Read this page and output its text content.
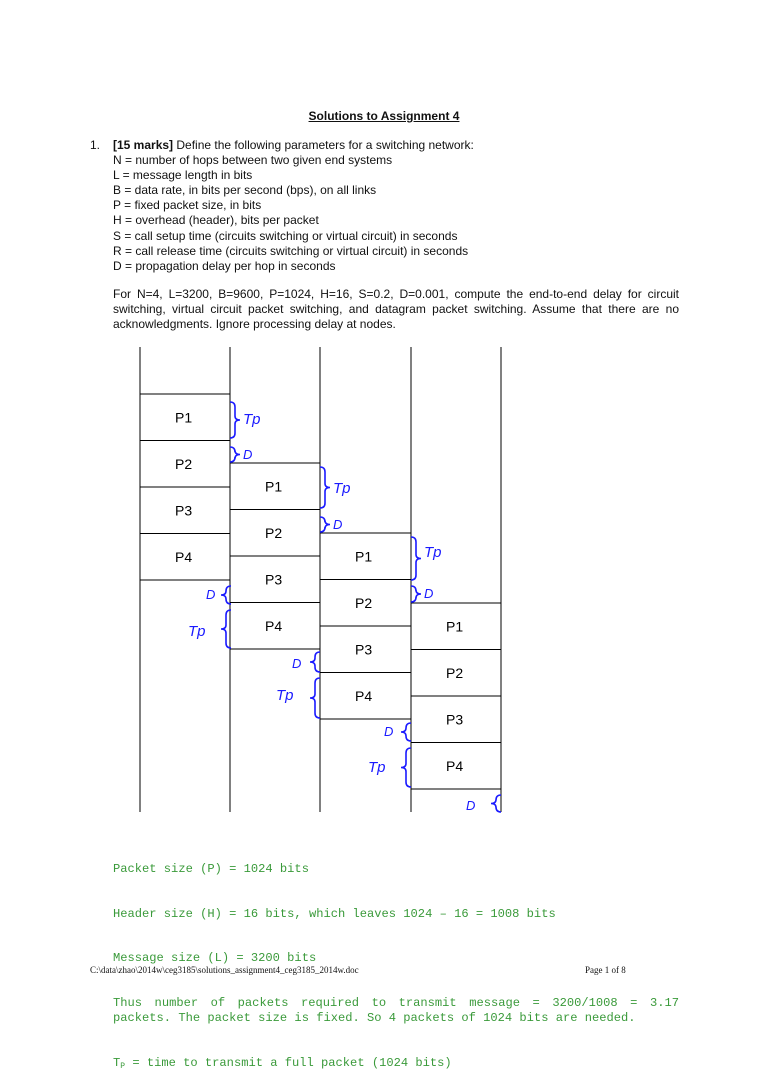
Solutions to Assignment 4
1. [15 marks] Define the following parameters for a switching network:
N = number of hops between two given end systems
L = message length in bits
B = data rate, in bits per second (bps), on all links
P = fixed packet size, in bits
H = overhead (header), bits per packet
S = call setup time (circuits switching or virtual circuit) in seconds
R = call release time (circuits switching or virtual circuit) in seconds
D = propagation delay per hop in seconds
For N=4, L=3200, B=9600, P=1024, H=16, S=0.2, D=0.001, compute the end-to-end delay for circuit switching, virtual circuit packet switching, and datagram packet switching. Assume that there are no acknowledgments. Ignore processing delay at nodes.
P1
P2
P3
P4
P1
P2
P3
P4
P1
P2
P3
P4
P1
P2
P3
P4
Tp
D
Tp
D
Tp
D
D
Tp
D
Tp
D
Tp
D

Packet size (P) = 1024 bits

Header size (H) = 16 bits, which leaves 1024 – 16 = 1008 bits

Message size (L) = 3200 bits

Thus number of packets required to transmit message = 3200/1008 = 3.17 packets. The packet size is fixed. So 4 packets of 1024 bits are needed.

$T_P$ = time to transmit a full packet (1024 bits)

C:\data\zhao\2014w\ceg3185\solutions_assignment4_ceg3185_2014w.doc	Page 1 of 8
